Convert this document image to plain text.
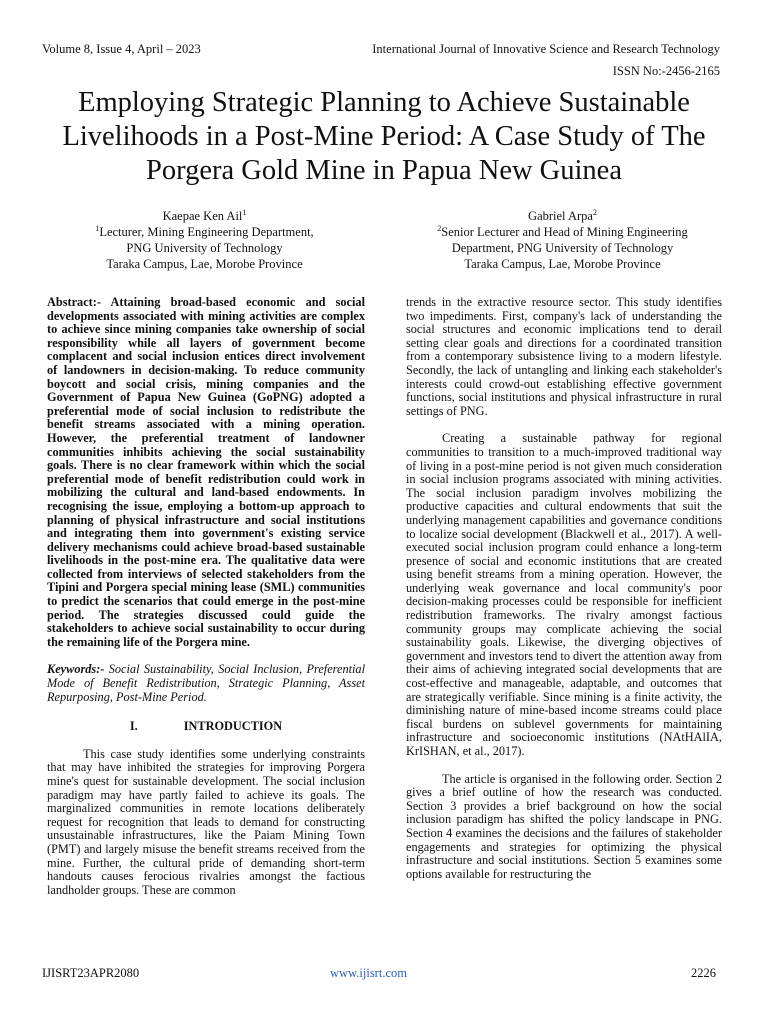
Volume 8, Issue 4, April – 2023	International Journal of Innovative Science and Research Technology
ISSN No:-2456-2165
Employing Strategic Planning to Achieve Sustainable Livelihoods in a Post-Mine Period: A Case Study of The Porgera Gold Mine in Papua New Guinea

Kaepae Ken Ail$^1$

$^1$Lecturer, Mining Engineering Department,

PNG University of Technology

Taraka Campus, Lae, Morobe Province

Gabriel Arpa$^2$

$^2$Senior Lecturer and Head of Mining Engineering

Department, PNG University of Technology

Taraka Campus, Lae, Morobe Province

Abstract:- Attaining broad-based economic and social developments associated with mining activities are complex to achieve since mining companies take ownership of social responsibility while all layers of government become complacent and social inclusion entices direct involvement of landowners in decision-making. To reduce community boycott and social crisis, mining companies and the Government of Papua New Guinea (GoPNG) adopted a preferential mode of social inclusion to redistribute the benefit streams associated with a mining operation. However, the preferential treatment of landowner communities inhibits achieving the social sustainability goals. There is no clear framework within which the social preferential mode of benefit redistribution could work in mobilizing the cultural and land-based endowments. In recognising the issue, employing a bottom-up approach to planning of physical infrastructure and social institutions and integrating them into government's existing service delivery mechanisms could achieve broad-based sustainable livelihoods in the post-mine era. The qualitative data were collected from interviews of selected stakeholders from the Tipini and Porgera special mining lease (SML) communities to predict the scenarios that could emerge in the post-mine period. The strategies discussed could guide the stakeholders to achieve social sustainability to occur during the remaining life of the Porgera mine.

Keywords:- Social Sustainability, Social Inclusion, Preferential Mode of Benefit Redistribution, Strategic Planning, Asset Repurposing, Post-Mine Period.

I.	INTRODUCTION

This case study identifies some underlying constraints that may have inhibited the strategies for improving Porgera mine's quest for sustainable development. The social inclusion paradigm may have partly failed to achieve its goals. The marginalized communities in remote locations deliberately request for recognition that leads to demand for constructing unsustainable infrastructures, like the Paiam Mining Town (PMT) and largely misuse the benefit streams received from the mine. Further, the cultural pride of demanding short-term handouts causes ferocious rivalries amongst the factious landholder groups. These are common

trends in the extractive resource sector. This study identifies two impediments. First, company's lack of understanding the social structures and economic implications tend to derail setting clear goals and directions for a coordinated transition from a contemporary subsistence living to a modern lifestyle. Secondly, the lack of untangling and linking each stakeholder's interests could crowd-out establishing effective government functions, social institutions and physical infrastructure in rural settings of PNG.

Creating a sustainable pathway for regional communities to transition to a much-improved traditional way of living in a post-mine period is not given much consideration in social inclusion programs associated with mining activities. The social inclusion paradigm involves mobilizing the productive capacities and cultural endowments that suit the underlying management capabilities and governance conditions to localize social development (Blackwell et al., 2017). A well-executed social inclusion program could enhance a long-term presence of social and economic institutions that are created using benefit streams from a mining operation. However, the underlying weak governance and local community's poor decision-making processes could be responsible for inefficient redistribution frameworks. The rivalry amongst factious community groups may complicate achieving the social sustainability goals. Likewise, the diverging objectives of government and investors tend to divert the attention away from their aims of achieving integrated social developments that are cost-effective and manageable, adaptable, and outcomes that are strategically verifiable. Since mining is a finite activity, the diminishing nature of mine-based income streams could place fiscal burdens on sublevel governments for maintaining infrastructure and socioeconomic institutions (NAtHAlIA, KrISHAN, et al., 2017).

The article is organised in the following order. Section 2 gives a brief outline of how the research was conducted. Section 3 provides a brief background on how the social inclusion paradigm has shifted the policy landscape in PNG. Section 4 examines the decisions and the failures of stakeholder engagements and strategies for optimizing the physical infrastructure and social institutions. Section 5 examines some options available for restructuring the

IJISRT23APR2080	www.ijisrt.com	2226
